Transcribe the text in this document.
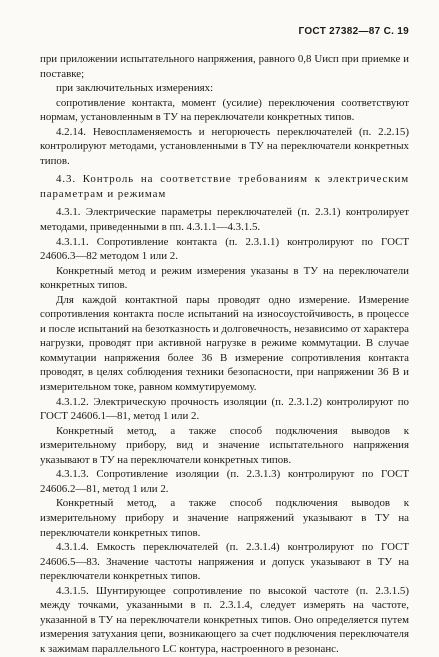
ГОСТ 27382—87 С. 19

при приложении испытательного напряжения, равного 0,8 Uисп при приемке и поставке;

при заключительных измерениях:

сопротивление контакта, момент (усилие) переключения соответствуют нормам, установленным в ТУ на переключатели конкретных типов.

4.2.14. Невоспламеняемость и негорючесть переключателей (п. 2.2.15) контролируют методами, установленными в ТУ на переключатели конкретных типов.

4.3. Контроль на соответствие требованиям к электрическим параметрам и режимам

4.3.1. Электрические параметры переключателей (п. 2.3.1) контролирует методами, приведенными в пп. 4.3.1.1—4.3.1.5.

4.3.1.1. Сопротивление контакта (п. 2.3.1.1) контролируют по ГОСТ 24606.3—82 методом 1 или 2.

Конкретный метод и режим измерения указаны в ТУ на переключатели конкретных типов.

Для каждой контактной пары проводят одно измерение. Измерение сопротивления контакта после испытаний на износоустойчивость, в процессе и после испытаний на безотказность и долговечность, независимо от характера нагрузки, проводят при активной нагрузке в режиме коммутации. В случае коммутации напряжения более 36 В измерение сопротивления контакта проводят, в целях соблюдения техники безопасности, при напряжении 36 В и измерительном токе, равном коммутируемому.

4.3.1.2. Электрическую прочность изоляции (п. 2.3.1.2) контролируют по ГОСТ 24606.1—81, метод 1 или 2.

Конкретный метод, а также способ подключения выводов к измерительному прибору, вид и значение испытательного напряжения указывают в ТУ на переключатели конкретных типов.

4.3.1.3. Сопротивление изоляции (п. 2.3.1.3) контролируют по ГОСТ 24606.2—81, метод 1 или 2.

Конкретный метод, а также способ подключения выводов к измерительному прибору и значение напряжений указывают в ТУ на переключатели конкретных типов.

4.3.1.4. Емкость переключателей (п. 2.3.1.4) контролируют по ГОСТ 24606.5—83. Значение частоты напряжения и допуск указывают в ТУ на переключатели конкретных типов.

4.3.1.5. Шунтирующее сопротивление по высокой частоте (п. 2.3.1.5) между точками, указанными в п. 2.3.1.4, следует измерять на частоте, указанной в ТУ на переключатели конкретных типов. Оно определяется путем измерения затухания цепи, возникающего за счет подключения переключателя к зажимам параллельного LC контура, настроенного в резонанс.
